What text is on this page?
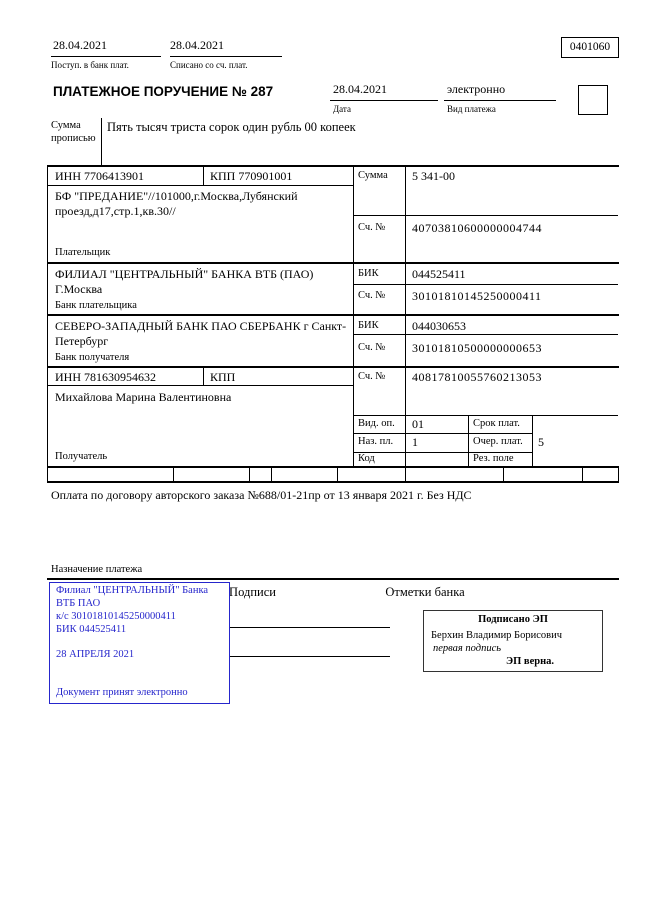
28.04.2021
Поступ. в банк плат.
28.04.2021
Списано со сч. плат.
0401060
ПЛАТЕЖНОЕ ПОРУЧЕНИЕ № 287	28.04.2021
Дата
электронно
Вид платежа
Сумма прописью
Пять тысяч триста сорок один рубль 00 копеек
ИНН 7706413901	КПП 770901001	Сумма 5 341-00
БФ "ПРЕДАНИЕ"//101000,г.Москва,Лубянский проезд,д17,стр.1,кв.30//
Сч. № 40703810600000004744
Плательщик
ФИЛИАЛ "ЦЕНТРАЛЬНЫЙ" БАНКА ВТБ (ПАО) Г.Москва
БИК	044525411
Сч. № 30101810145250000411
Банк плательщика
СЕВЕРО-ЗАПАДНЫЙ БАНК ПАО СБЕРБАНК г Санкт-Петербург
БИК	044030653
Сч. № 30101810500000000653
Банк получателя
ИНН 781630954632	КПП	Сч. № 40817810055760213053
Михайлова Марина Валентиновна
Получатель
Вид. оп. 01	Срок плат.
Наз. пл. 1	Очер. плат. 5
Код	Рез. поле
Оплата по договору авторского заказа №688/01-21пр от 13 января 2021 г. Без НДС
Назначение платежа
Подписи	Отметки банка
Филиал "ЦЕНТРАЛЬНЫЙ" Банка ВТБ ПАО
к/с 30101810145250000411
БИК 044525411
28 АПРЕЛЯ 2021
Документ принят электронно
Подписано ЭП
Берхин Владимир Борисович
первая подпись
ЭП верна.
